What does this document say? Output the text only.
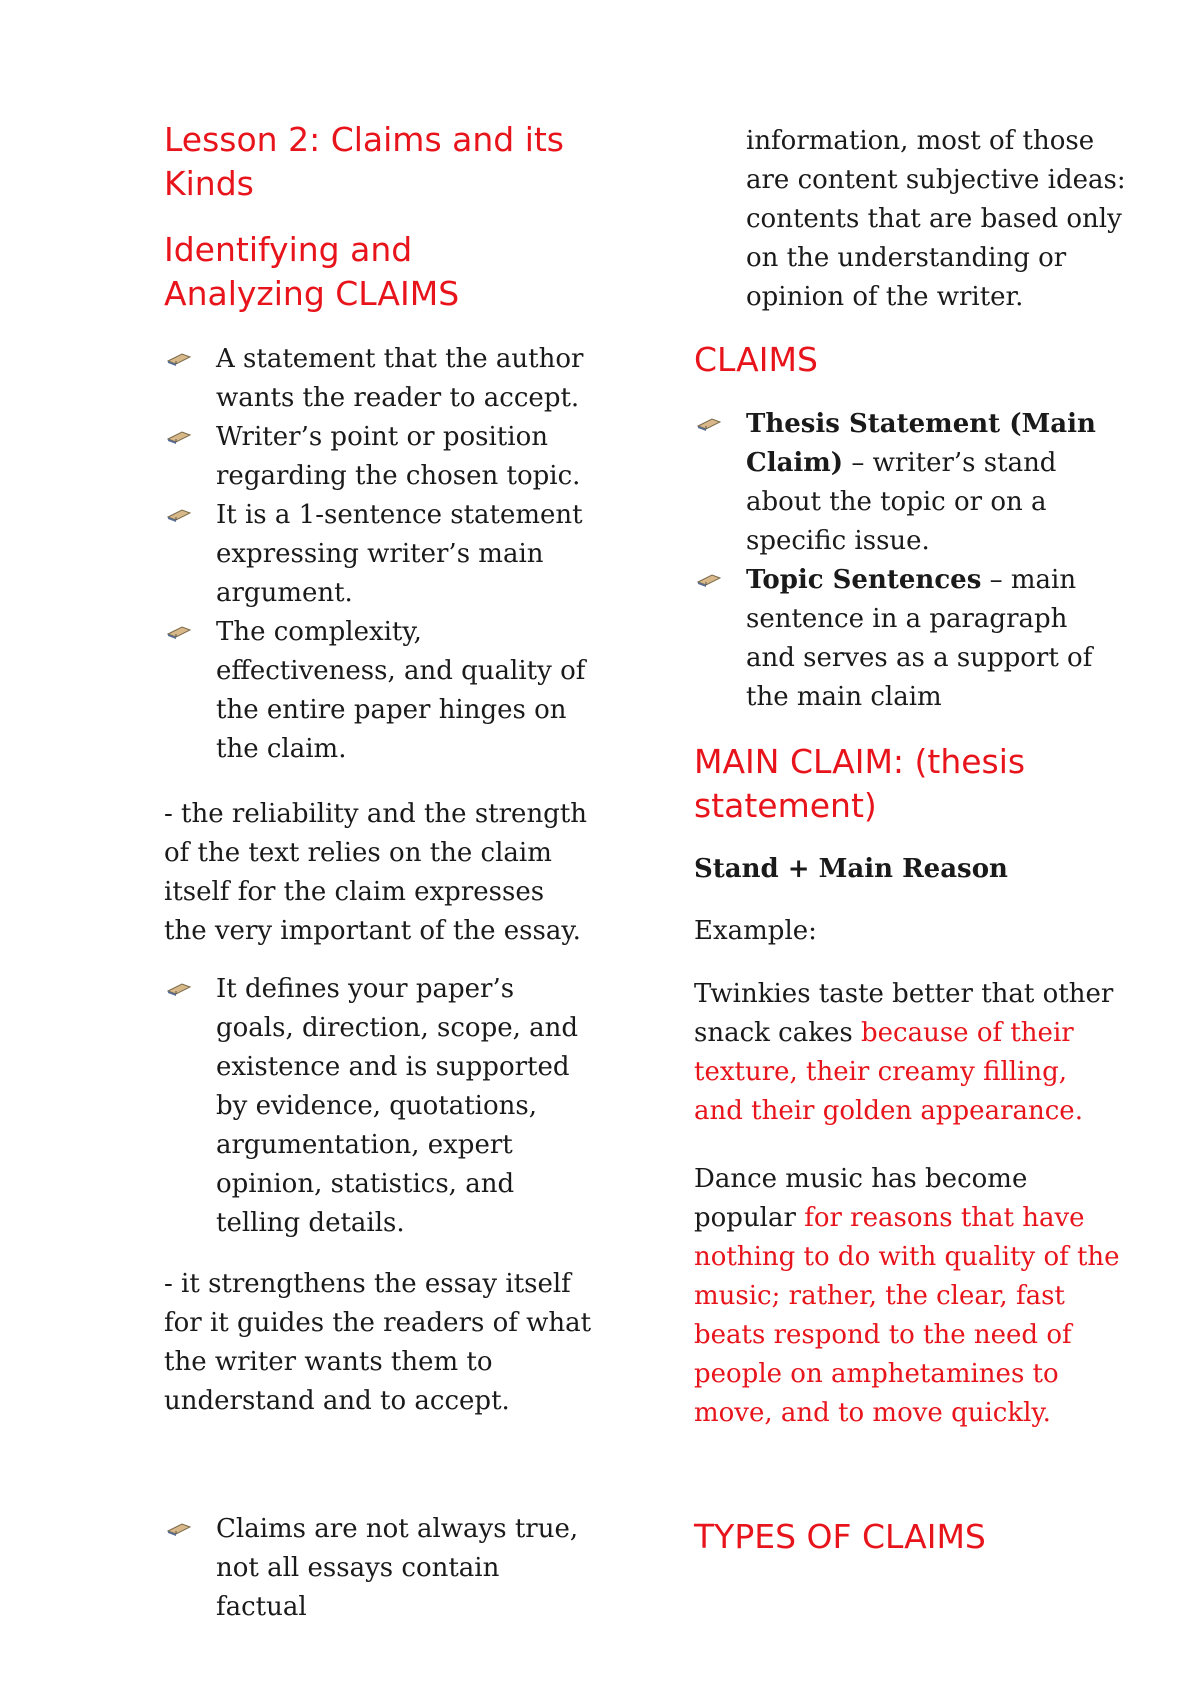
Lesson 2: Claims and its Kinds
Identifying and Analyzing CLAIMS
A statement that the author wants the reader to accept.
Writer’s point or position regarding the chosen topic.
It is a 1-sentence statement expressing writer’s main argument.
The complexity, effectiveness, and quality of the entire paper hinges on the claim.

- the reliability and the strength of the text relies on the claim itself for the claim expresses the very important of the essay.

It defines your paper’s goals, direction, scope, and existence and is supported by evidence, quotations, argumentation, expert opinion, statistics, and telling details.

- it strengthens the essay itself for it guides the readers of what the writer wants them to understand and to accept.

Claims are not always true, not all essays contain factual

information, most of those are content subjective ideas: contents that are based only on the understanding or opinion of the writer.

CLAIMS
Thesis Statement (Main Claim) – writer’s stand about the topic or on a specific issue.
Topic Sentences – main sentence in a paragraph and serves as a support of the main claim
MAIN CLAIM: (thesis statement)

Stand + Main Reason

Example:

Twinkies taste better that other snack cakes because of their texture, their creamy filling, and their golden appearance.

Dance music has become popular for reasons that have nothing to do with quality of the music; rather, the clear, fast beats respond to the need of people on amphetamines to move, and to move quickly.

TYPES OF CLAIMS
